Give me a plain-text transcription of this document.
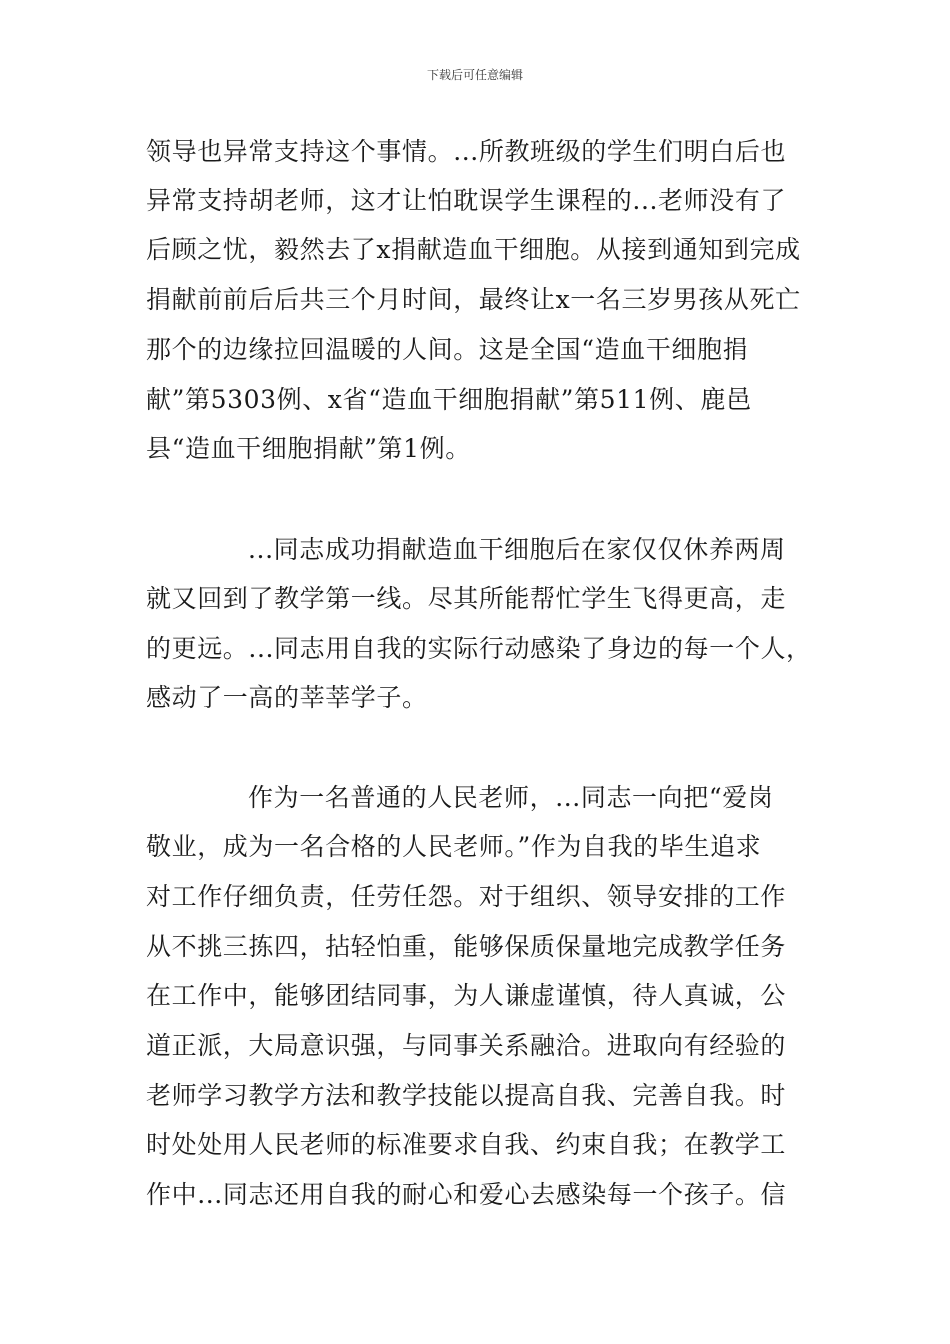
下载后可任意编辑
领导也异常支持这个事情。...所教班级的学生们明白后也
异常支持胡老师，这才让怕耽误学生课程的...老师没有了
后顾之忧，毅然去了x捐献造血干细胞。从接到通知到完成
捐献前前后后共三个月时间，最终让x一名三岁男孩从死亡
那个的边缘拉回温暖的人间。这是全国“造血干细胞捐
献”第5303例、x省“造血干细胞捐献”第511例、鹿邑
县“造血干细胞捐献”第1例。
...同志成功捐献造血干细胞后在家仅仅休养两周
就又回到了教学第一线。尽其所能帮忙学生飞得更高，走
的更远。...同志用自我的实际行动感染了身边的每一个人，
感动了一高的莘莘学子。
作为一名普通的人民老师，...同志一向把“爱岗
敬业，成为一名合格的人民老师。”作为自我的毕生追求
对工作仔细负责，任劳任怨。对于组织、领导安排的工作
从不挑三拣四，拈轻怕重，能够保质保量地完成教学任务
在工作中，能够团结同事，为人谦虚谨慎，待人真诚，公
道正派，大局意识强，与同事关系融洽。进取向有经验的
老师学习教学方法和教学技能以提高自我、完善自我。时
时处处用人民老师的标准要求自我、约束自我；在教学工
作中...同志还用自我的耐心和爱心去感染每一个孩子。信
